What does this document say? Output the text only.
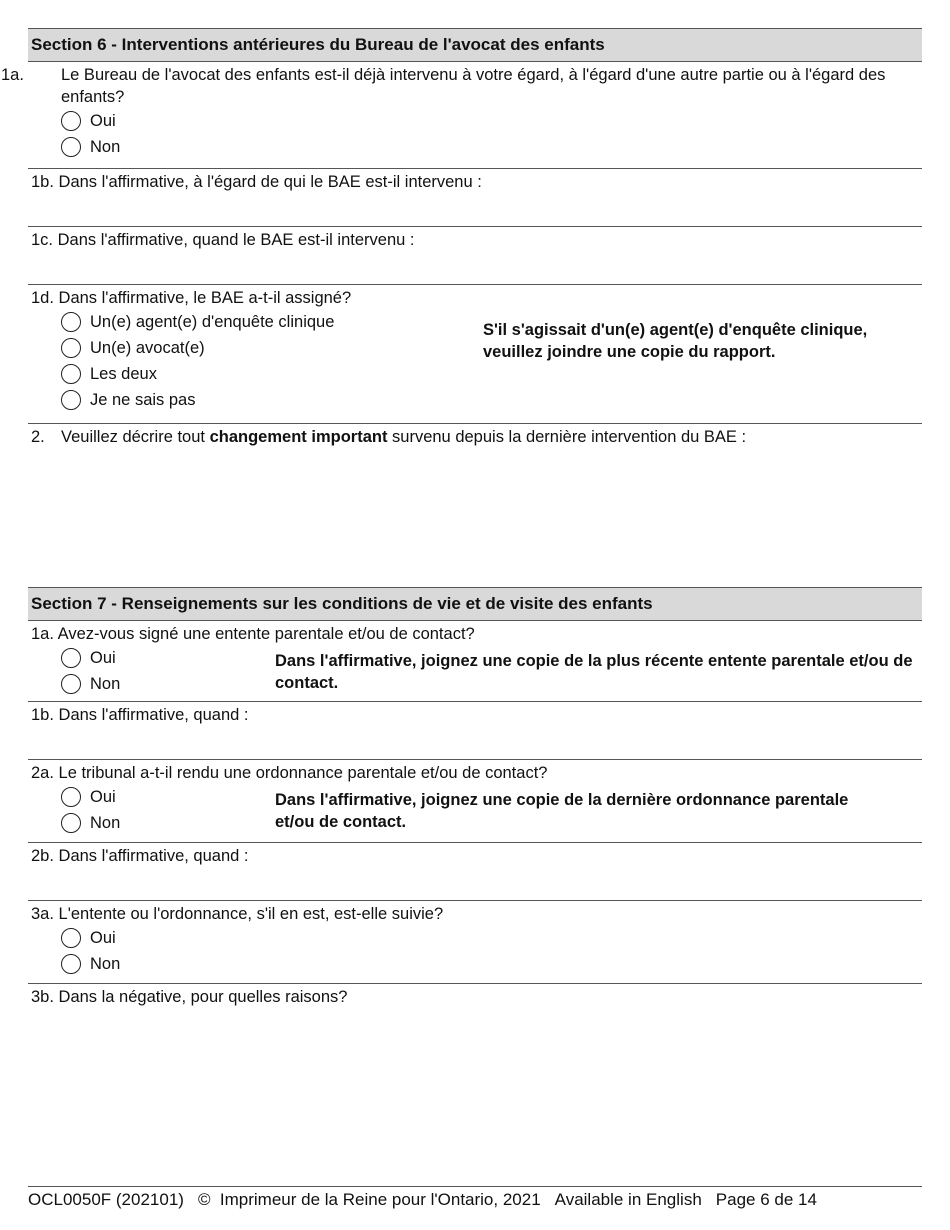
Section 6 - Interventions antérieures du Bureau de l'avocat des enfants
1a. Le Bureau de l'avocat des enfants est-il déjà intervenu à votre égard, à l'égard d'une autre partie ou à l'égard des enfants?
Oui
Non
1b. Dans l'affirmative, à l'égard de qui le BAE est-il intervenu :
1c. Dans l'affirmative, quand le BAE est-il intervenu :
1d. Dans l'affirmative, le BAE a-t-il assigné?
Un(e) agent(e) d'enquête clinique
Un(e) avocat(e)
Les deux
Je ne sais pas
S'il s'agissait d'un(e) agent(e) d'enquête clinique, veuillez joindre une copie du rapport.
2. Veuillez décrire tout changement important survenu depuis la dernière intervention du BAE :
Section 7 - Renseignements sur les conditions de vie et de visite des enfants
1a. Avez-vous signé une entente parentale et/ou de contact?
Oui
Non
Dans l'affirmative, joignez une copie de la plus récente entente parentale et/ou de contact.
1b. Dans l'affirmative, quand :
2a. Le tribunal a-t-il rendu une ordonnance parentale et/ou de contact?
Oui
Non
Dans l'affirmative, joignez une copie de la dernière ordonnance parentale et/ou de contact.
2b. Dans l'affirmative, quand :
3a. L'entente ou l'ordonnance, s'il en est, est-elle suivie?
Oui
Non
3b. Dans la négative, pour quelles raisons?
OCL0050F (202101) ©  Imprimeur de la Reine pour l'Ontario, 2021 Available in English Page 6 de 14
